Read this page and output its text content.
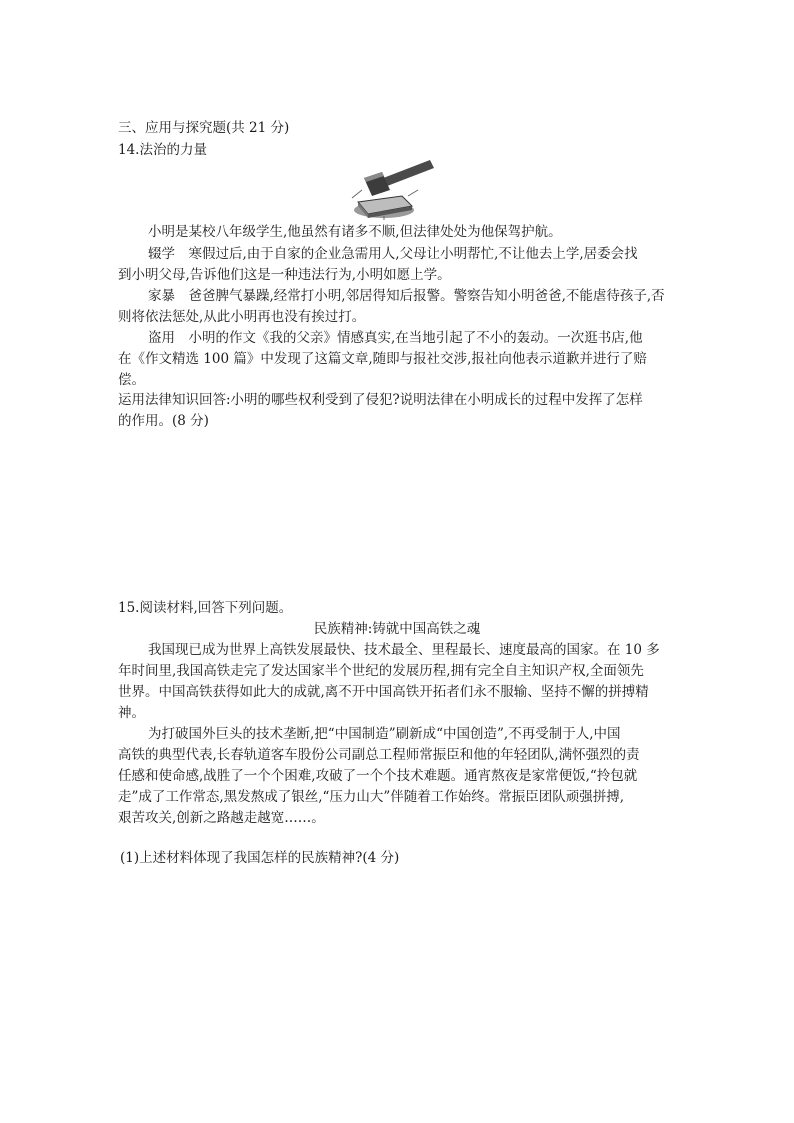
三、应用与探究题(共 21 分)
14.法治的力量
小明是某校八年级学生,他虽然有诸多不顺,但法律处处为他保驾护航。
辍学　寒假过后,由于自家的企业急需用人,父母让小明帮忙,不让他去上学,居委会找
到小明父母,告诉他们这是一种违法行为,小明如愿上学。
家暴　爸爸脾气暴躁,经常打小明,邻居得知后报警。警察告知小明爸爸,不能虐待孩子,否
则将依法惩处,从此小明再也没有挨过打。
盗用　小明的作文《我的父亲》情感真实,在当地引起了不小的轰动。一次逛书店,他
在《作文精选 100 篇》中发现了这篇文章,随即与报社交涉,报社向他表示道歉并进行了赔
偿。
运用法律知识回答:小明的哪些权利受到了侵犯?说明法律在小明成长的过程中发挥了怎样
的作用。(8 分)
15.阅读材料,回答下列问题。
民族精神:铸就中国高铁之魂
我国现已成为世界上高铁发展最快、技术最全、里程最长、速度最高的国家。在 10 多
年时间里,我国高铁走完了发达国家半个世纪的发展历程,拥有完全自主知识产权,全面领先
世界。中国高铁获得如此大的成就,离不开中国高铁开拓者们永不服输、坚持不懈的拼搏精
神。
为打破国外巨头的技术垄断,把“中国制造”刷新成“中国创造”,不再受制于人,中国
高铁的典型代表,长春轨道客车股份公司副总工程师常振臣和他的年轻团队,满怀强烈的责
任感和使命感,战胜了一个个困难,攻破了一个个技术难题。通宵熬夜是家常便饭,“拎包就
走”成了工作常态,黑发熬成了银丝,“压力山大”伴随着工作始终。常振臣团队顽强拼搏,
艰苦攻关,创新之路越走越宽……。
(1)上述材料体现了我国怎样的民族精神?(4 分)
